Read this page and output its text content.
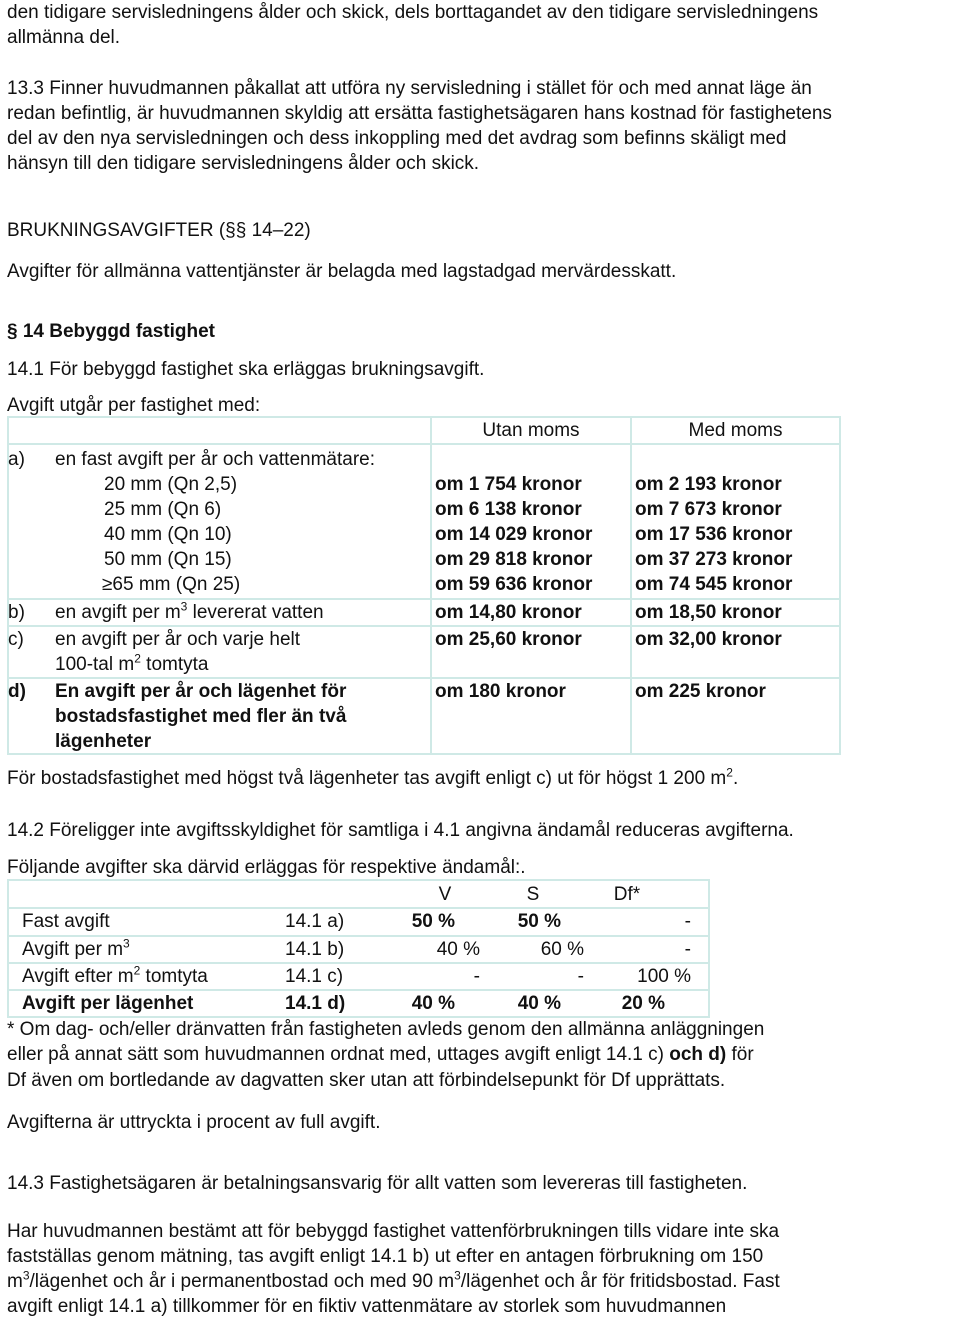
den tidigare servisledningens ålder och skick, dels borttagandet av den tidigare servisledningens
allmänna del.
13.3 Finner huvudmannen påkallat att utföra ny servisledning i stället för och med annat läge än
redan befintlig, är huvudmannen skyldig att ersätta fastighetsägaren hans kostnad för fastighetens
del av den nya servisledningen och dess inkoppling med det avdrag som befinns skäligt med
hänsyn till den tidigare servisledningens ålder och skick.
BRUKNINGSAVGIFTER (§§ 14–22)
Avgifter för allmänna vattentjänster är belagda med lagstadgad mervärdesskatt.
§ 14 Bebyggd fastighet
14.1 För bebyggd fastighet ska erläggas brukningsavgift.
Avgift utgår per fastighet med:
Utan moms	Med moms
a) en fast avgift per år och vattenmätare:
20 mm (Qn 2,5)	om 1 754 kronor	om 2 193 kronor
25 mm (Qn 6)	om 6 138 kronor	om 7 673 kronor
40 mm (Qn 10)	om 14 029 kronor om 17 536 kronor
50 mm (Qn 15)	om 29 818 kronor om 37 273 kronor
≥65 mm (Qn 25)	om 59 636 kronor om 74 545 kronor
b) en avgift per $m^3$ levererat vatten	om 14,80 kronor	om 18,50 kronor
c) en avgift per år och varje helt
100-tal $m^2$ tomtyta
om 25,60 kronor	om 32,00 kronor
d) En avgift per år och lägenhet för
bostadsfastighet med fler än två
lägenheter
om 180 kronor	om 225 kronor
För bostadsfastighet med högst två lägenheter tas avgift enligt c) ut för högst 1 200 $m^2$.
14.2 Föreligger inte avgiftsskyldighet för samtliga i 4.1 angivna ändamål reduceras avgifterna.
Följande avgifter ska därvid erläggas för respektive ändamål:.
V	S	Df*
Fast avgift	14.1 a)	50 %	50 %	-
Avgift per $m^3$	14.1 b)	40 %	60 %	-
Avgift efter $m^2$ tomtyta	14.1 c)	-	-	100 %
Avgift per lägenhet	14.1 d)	40 %	40 %	20 %
* Om dag- och/eller dränvatten från fastigheten avleds genom den allmänna anläggningen
eller på annat sätt som huvudmannen ordnat med, uttages avgift enligt 14.1 c) och d) för
Df även om bortledande av dagvatten sker utan att förbindelsepunkt för Df upprättats.
Avgifterna är uttryckta i procent av full avgift.
14.3 Fastighetsägaren är betalningsansvarig för allt vatten som levereras till fastigheten.
Har huvudmannen bestämt att för bebyggd fastighet vattenförbrukningen tills vidare inte ska
fastställas genom mätning, tas avgift enligt 14.1 b) ut efter en antagen förbrukning om 150
$m^3$/lägenhet och år i permanentbostad och med 90 $m^3$/lägenhet och år för fritidsbostad. Fast
avgift enligt 14.1 a) tillkommer för en fiktiv vattenmätare av storlek som huvudmannen
